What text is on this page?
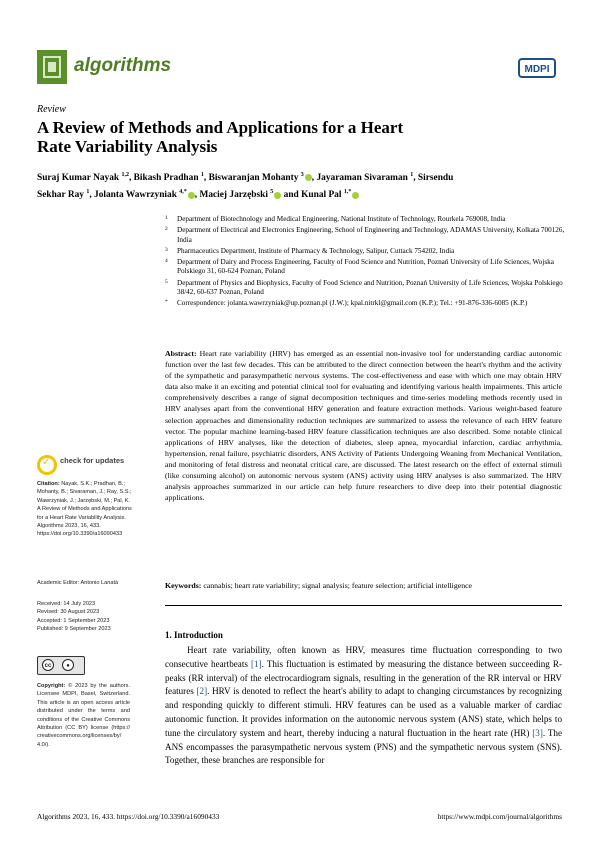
algorithms	MDPI
Review
A Review of Methods and Applications for a Heart Rate Variability Analysis
Suraj Kumar Nayak $^{1,2}$, Bikash Pradhan $^1$, Biswaranjan Mohanty $^3$ , Jayaraman Sivaraman $^1$, Sirsendu Sekhar Ray $^1$, Jolanta Wawrzyniak $^{4,*}$ , Maciej Jarzębski $^5$ and Kunal Pal $^{1,*}$
1 Department of Biotechnology and Medical Engineering, National Institute of Technology, Rourkela 769008, India
2 Department of Electrical and Electronics Engineering, School of Engineering and Technology, ADAMAS University, Kolkata 700126, India
3 Pharmaceutics Department, Institute of Pharmacy & Technology, Salipur, Cuttack 754202, India
4 Department of Dairy and Process Engineering, Faculty of Food Science and Nutrition, Poznań University of Life Sciences, Wojska Polskiego 31, 60-624 Poznan, Poland
5 Department of Physics and Biophysics, Faculty of Food Science and Nutrition, Poznań University of Life Sciences, Wojska Polskiego 38/42, 60-637 Poznan, Poland
* Correspondence: jolanta.wawrzyniak@up.poznan.pl (J.W.); kpal.nitrkl@gmail.com (K.P.); Tel.: +91-876-336-6085 (K.P.)
Abstract: Heart rate variability (HRV) has emerged as an essential non-invasive tool for understanding cardiac autonomic function over the last few decades. This can be attributed to the direct connection between the heart's rhythm and the activity of the sympathetic and parasympathetic nervous systems. The cost-effectiveness and ease with which one may obtain HRV data also make it an exciting and potential clinical tool for evaluating and identifying various health impairments. This article comprehensively describes a range of signal decomposition techniques and time-series modeling methods recently used in HRV analyses apart from the conventional HRV generation and feature extraction methods. Various weight-based feature selection approaches and dimensionality reduction techniques are summarized to assess the relevance of each HRV feature vector. The popular machine learning-based HRV feature classification techniques are also described. Some notable clinical applications of HRV analyses, like the detection of diabetes, sleep apnea, myocardial infarction, cardiac arrhythmia, hypertension, renal failure, psychiatric disorders, ANS Activity of Patients Undergoing Weaning from Mechanical Ventilation, and monitoring of fetal distress and neonatal critical care, are discussed. The latest research on the effect of external stimuli (like consuming alcohol) on autonomic nervous system (ANS) activity using HRV analyses is also summarized. The HRV analysis approaches summarized in our article can help future researchers to dive deep into their potential diagnostic applications.
Keywords: cannabis; heart rate variability; signal analysis; feature selection; artificial intelligence
1. Introduction
Heart rate variability, often known as HRV, measures time fluctuation corresponding to two consecutive heartbeats [1]. This fluctuation is estimated by measuring the distance between succeeding R-peaks (RR interval) of the electrocardiogram signals, resulting in the generation of the RR interval or HRV features [2]. HRV is denoted to reflect the heart's ability to adapt to changing circumstances by recognizing and responding quickly to different stimuli. HRV features can be used as a valuable marker of cardiac autonomic function. It provides information on the autonomic nervous system (ANS) state, which helps to tune the circulatory system and heart, thereby inducing a natural fluctuation in the heart rate (HR) [3]. The ANS encompasses the parasympathetic nervous system (PNS) and the sympathetic nervous system (SNS). Together, these branches are responsible for
✓ check for updates
Citation: Nayak, S.K.; Pradhan, B.; Mohanty, B.; Sivaraman, J.; Ray, S.S.; Wawrzyniak, J.; Jarzębski, M.; Pal, K. A Review of Methods and Applications for a Heart Rate Variability Analysis. Algorithms 2023, 16, 433. https://doi.org/10.3390/a16090433
Academic Editor: Antonio Lanatà
Received: 14 July 2023
Revised: 30 August 2023
Accepted: 1 September 2023
Published: 9 September 2023
cc	●
Copyright: © 2023 by the authors. Licensee MDPI, Basel, Switzerland. This article is an open access article distributed under the terms and conditions of the Creative Commons Attribution (CC BY) license (https:// creativecommons.org/licenses/by/ 4.0/).
Algorithms 2023, 16, 433. https://doi.org/10.3390/a16090433	https://www.mdpi.com/journal/algorithms
